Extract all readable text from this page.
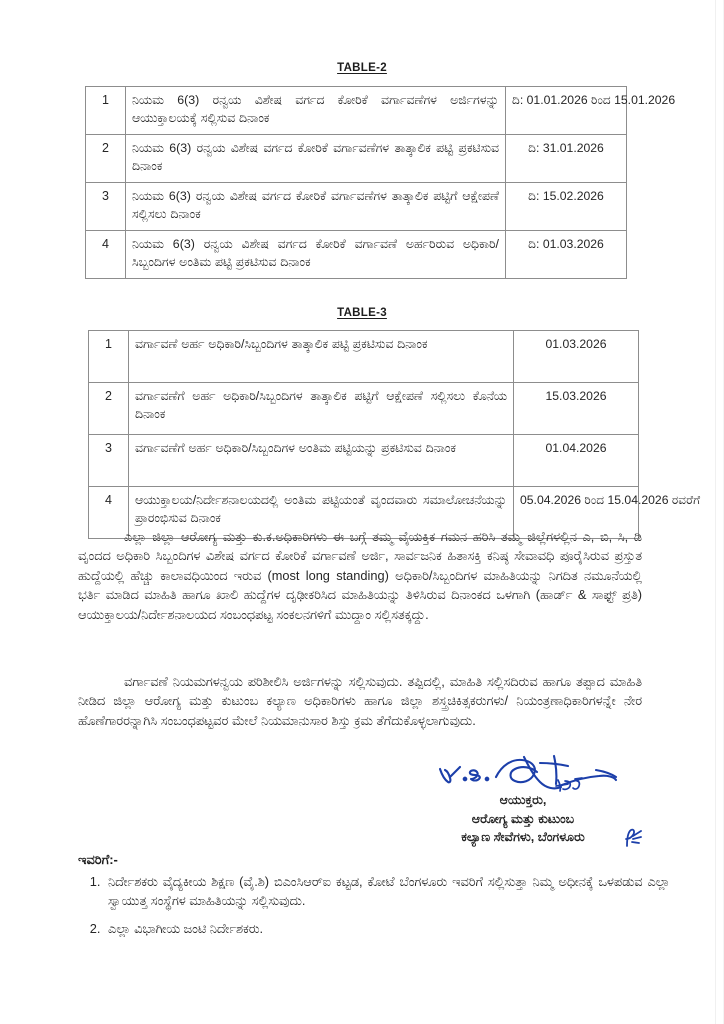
TABLE-2
1	ನಿಯಮ 6(3) ರನ್ವಯ ವಿಶೇಷ ವರ್ಗದ ಕೋರಿಕೆ ವರ್ಗಾವಣೆಗಳ ಅರ್ಜಿಗಳನ್ನು ಆಯುಕ್ತಾಲಯಕ್ಕೆ ಸಲ್ಲಿಸುವ ದಿನಾಂಕ	ದಿ: 01.01.2026 ರಿಂದ 15.01.2026
2	ನಿಯಮ 6(3) ರನ್ವಯ ವಿಶೇಷ ವರ್ಗದ ಕೋರಿಕೆ ವರ್ಗಾವಣೆಗಳ ತಾತ್ಕಾಲಿಕ ಪಟ್ಟಿ ಪ್ರಕಟಿಸುವ ದಿನಾಂಕ	ದಿ: 31.01.2026
3	ನಿಯಮ 6(3) ರನ್ವಯ ವಿಶೇಷ ವರ್ಗದ ಕೋರಿಕೆ ವರ್ಗಾವಣೆಗಳ ತಾತ್ಕಾಲಿಕ ಪಟ್ಟಿಗೆ ಆಕ್ಷೇಪಣೆ ಸಲ್ಲಿಸಲು ದಿನಾಂಕ	ದಿ: 15.02.2026
4	ನಿಯಮ 6(3) ರನ್ವಯ ವಿಶೇಷ ವರ್ಗದ ಕೋರಿಕೆ ವರ್ಗಾವಣೆ ಅರ್ಹರಿರುವ ಅಧಿಕಾರಿ/ಸಿಬ್ಬಂದಿಗಳ ಅಂತಿಮ ಪಟ್ಟಿ ಪ್ರಕಟಿಸುವ ದಿನಾಂಕ	ದಿ: 01.03.2026
TABLE-3
1	ವರ್ಗಾವಣೆ ಅರ್ಹ ಅಧಿಕಾರಿ/ಸಿಬ್ಬಂದಿಗಳ ತಾತ್ಕಾಲಿಕ ಪಟ್ಟಿ ಪ್ರಕಟಿಸುವ ದಿನಾಂಕ	01.03.2026
2	ವರ್ಗಾವಣೆಗೆ ಅರ್ಹ ಅಧಿಕಾರಿ/ಸಿಬ್ಬಂದಿಗಳ ತಾತ್ಕಾಲಿಕ ಪಟ್ಟಿಗೆ ಆಕ್ಷೇಪಣೆ ಸಲ್ಲಿಸಲು ಕೊನೆಯ ದಿನಾಂಕ	15.03.2026
3	ವರ್ಗಾವಣೆಗೆ ಅರ್ಹ ಅಧಿಕಾರಿ/ಸಿಬ್ಬಂದಿಗಳ ಅಂತಿಮ ಪಟ್ಟಿಯನ್ನು ಪ್ರಕಟಿಸುವ ದಿನಾಂಕ	01.04.2026
4	ಆಯುಕ್ತಾಲಯ/ನಿರ್ದೇಶನಾಲಯದಲ್ಲಿ ಅಂತಿಮ ಪಟ್ಟಿಯಂತೆ ವೃಂದವಾರು ಸಮಾಲೋಚನೆಯನ್ನು ಪ್ರಾರಂಭಿಸುವ ದಿನಾಂಕ	05.04.2026 ರಿಂದ 15.04.2026 ರವರೆಗೆ
ಎಲ್ಲಾ ಜಿಲ್ಲಾ ಆರೋಗ್ಯ ಮತ್ತು ಕು.ಕ.ಅಧಿಕಾರಿಗಳು ಈ ಬಗ್ಗೆ ತಮ್ಮ ವೈಯಕ್ತಿಕ ಗಮನ ಹರಿಸಿ ತಮ್ಮ ಜಿಲ್ಲೆಗಳಲ್ಲಿನ ಎ, ಬಿ, ಸಿ, ಡಿ ವೃಂದದ ಅಧಿಕಾರಿ ಸಿಬ್ಬಂದಿಗಳ ವಿಶೇಷ ವರ್ಗದ ಕೋರಿಕೆ ವರ್ಗಾವಣೆ ಅರ್ಜಿ, ಸಾರ್ವಜನಿಕ ಹಿತಾಸಕ್ತಿ ಕನಿಷ್ಠ ಸೇವಾವಧಿ ಪೂರೈಸಿರುವ ಪ್ರಸ್ತುತ ಹುದ್ದೆಯಲ್ಲಿ ಹೆಚ್ಚು ಕಾಲಾವಧಿಯಿಂದ ಇರುವ (most long standing) ಅಧಿಕಾರಿ/ಸಿಬ್ಬಂದಿಗಳ ಮಾಹಿತಿಯನ್ನು ನಿಗದಿತ ನಮೂನೆಯಲ್ಲಿ ಭರ್ತಿ ಮಾಡಿದ ಮಾಹಿತಿ ಹಾಗೂ ಖಾಲಿ ಹುದ್ದೆಗಳ ದೃಢೀಕರಿಸಿದ ಮಾಹಿತಿಯನ್ನು ತಿಳಿಸಿರುವ ದಿನಾಂಕದ ಒಳಗಾಗಿ (ಹಾರ್ಡ್ & ಸಾಫ್ಟ್ ಪ್ರತಿ) ಆಯುಕ್ತಾಲಯ/ನಿರ್ದೇಶನಾಲಯದ ಸಂಬಂಧಪಟ್ಟ ಸಂಕಲನಗಳಿಗೆ ಮುದ್ದಾಂ ಸಲ್ಲಿಸತಕ್ಕದ್ದು.
ವರ್ಗಾವಣೆ ನಿಯಮಗಳನ್ವಯ ಪರಿಶೀಲಿಸಿ ಅರ್ಜಿಗಳನ್ನು ಸಲ್ಲಿಸುವುದು. ತಪ್ಪಿದಲ್ಲಿ, ಮಾಹಿತಿ ಸಲ್ಲಿಸದಿರುವ ಹಾಗೂ ತಪ್ಪಾದ ಮಾಹಿತಿ ನೀಡಿದ ಜಿಲ್ಲಾ ಆರೋಗ್ಯ ಮತ್ತು ಕುಟುಂಬ ಕಲ್ಯಾಣ ಅಧಿಕಾರಿಗಳು ಹಾಗೂ ಜಿಲ್ಲಾ ಶಸ್ತ್ರಚಿಕಿತ್ಸಕರುಗಳು/ ನಿಯಂತ್ರಣಾಧಿಕಾರಿಗಳನ್ನೇ ನೇರ ಹೊಣೆಗಾರರನ್ನಾಗಿಸಿ ಸಂಬಂಧಪಟ್ಟವರ ಮೇಲೆ ನಿಯಮಾನುಸಾರ ಶಿಸ್ತು ಕ್ರಮ ತೆಗೆದುಕೊಳ್ಳಲಾಗುವುದು.
ಆಯುಕ್ತರು,
ಆರೋಗ್ಯ ಮತ್ತು ಕುಟುಂಬ
ಕಲ್ಯಾಣ ಸೇವೆಗಳು, ಬೆಂಗಳೂರು
ಇವರಿಗೆ:-
1. ನಿರ್ದೇಶಕರು ವೈದ್ಯಕೀಯ ಶಿಕ್ಷಣ (ವೈ.ಶಿ) ಬಿಎಂಸಿಆರ್‌ಐ ಕಟ್ಟಡ, ಕೋಟೆ ಬೆಂಗಳೂರು ಇವರಿಗೆ ಸಲ್ಲಿಸುತ್ತಾ ನಿಮ್ಮ ಅಧೀನಕ್ಕೆ ಒಳಪಡುವ ಎಲ್ಲಾ ಸ್ವಾಯುತ್ತ ಸಂಸ್ಥೆಗಳ ಮಾಹಿತಿಯನ್ನು ಸಲ್ಲಿಸುವುದು.
2. ಎಲ್ಲಾ ವಿಭಾಗೀಯ ಜಂಟಿ ನಿರ್ದೇಶಕರು.
